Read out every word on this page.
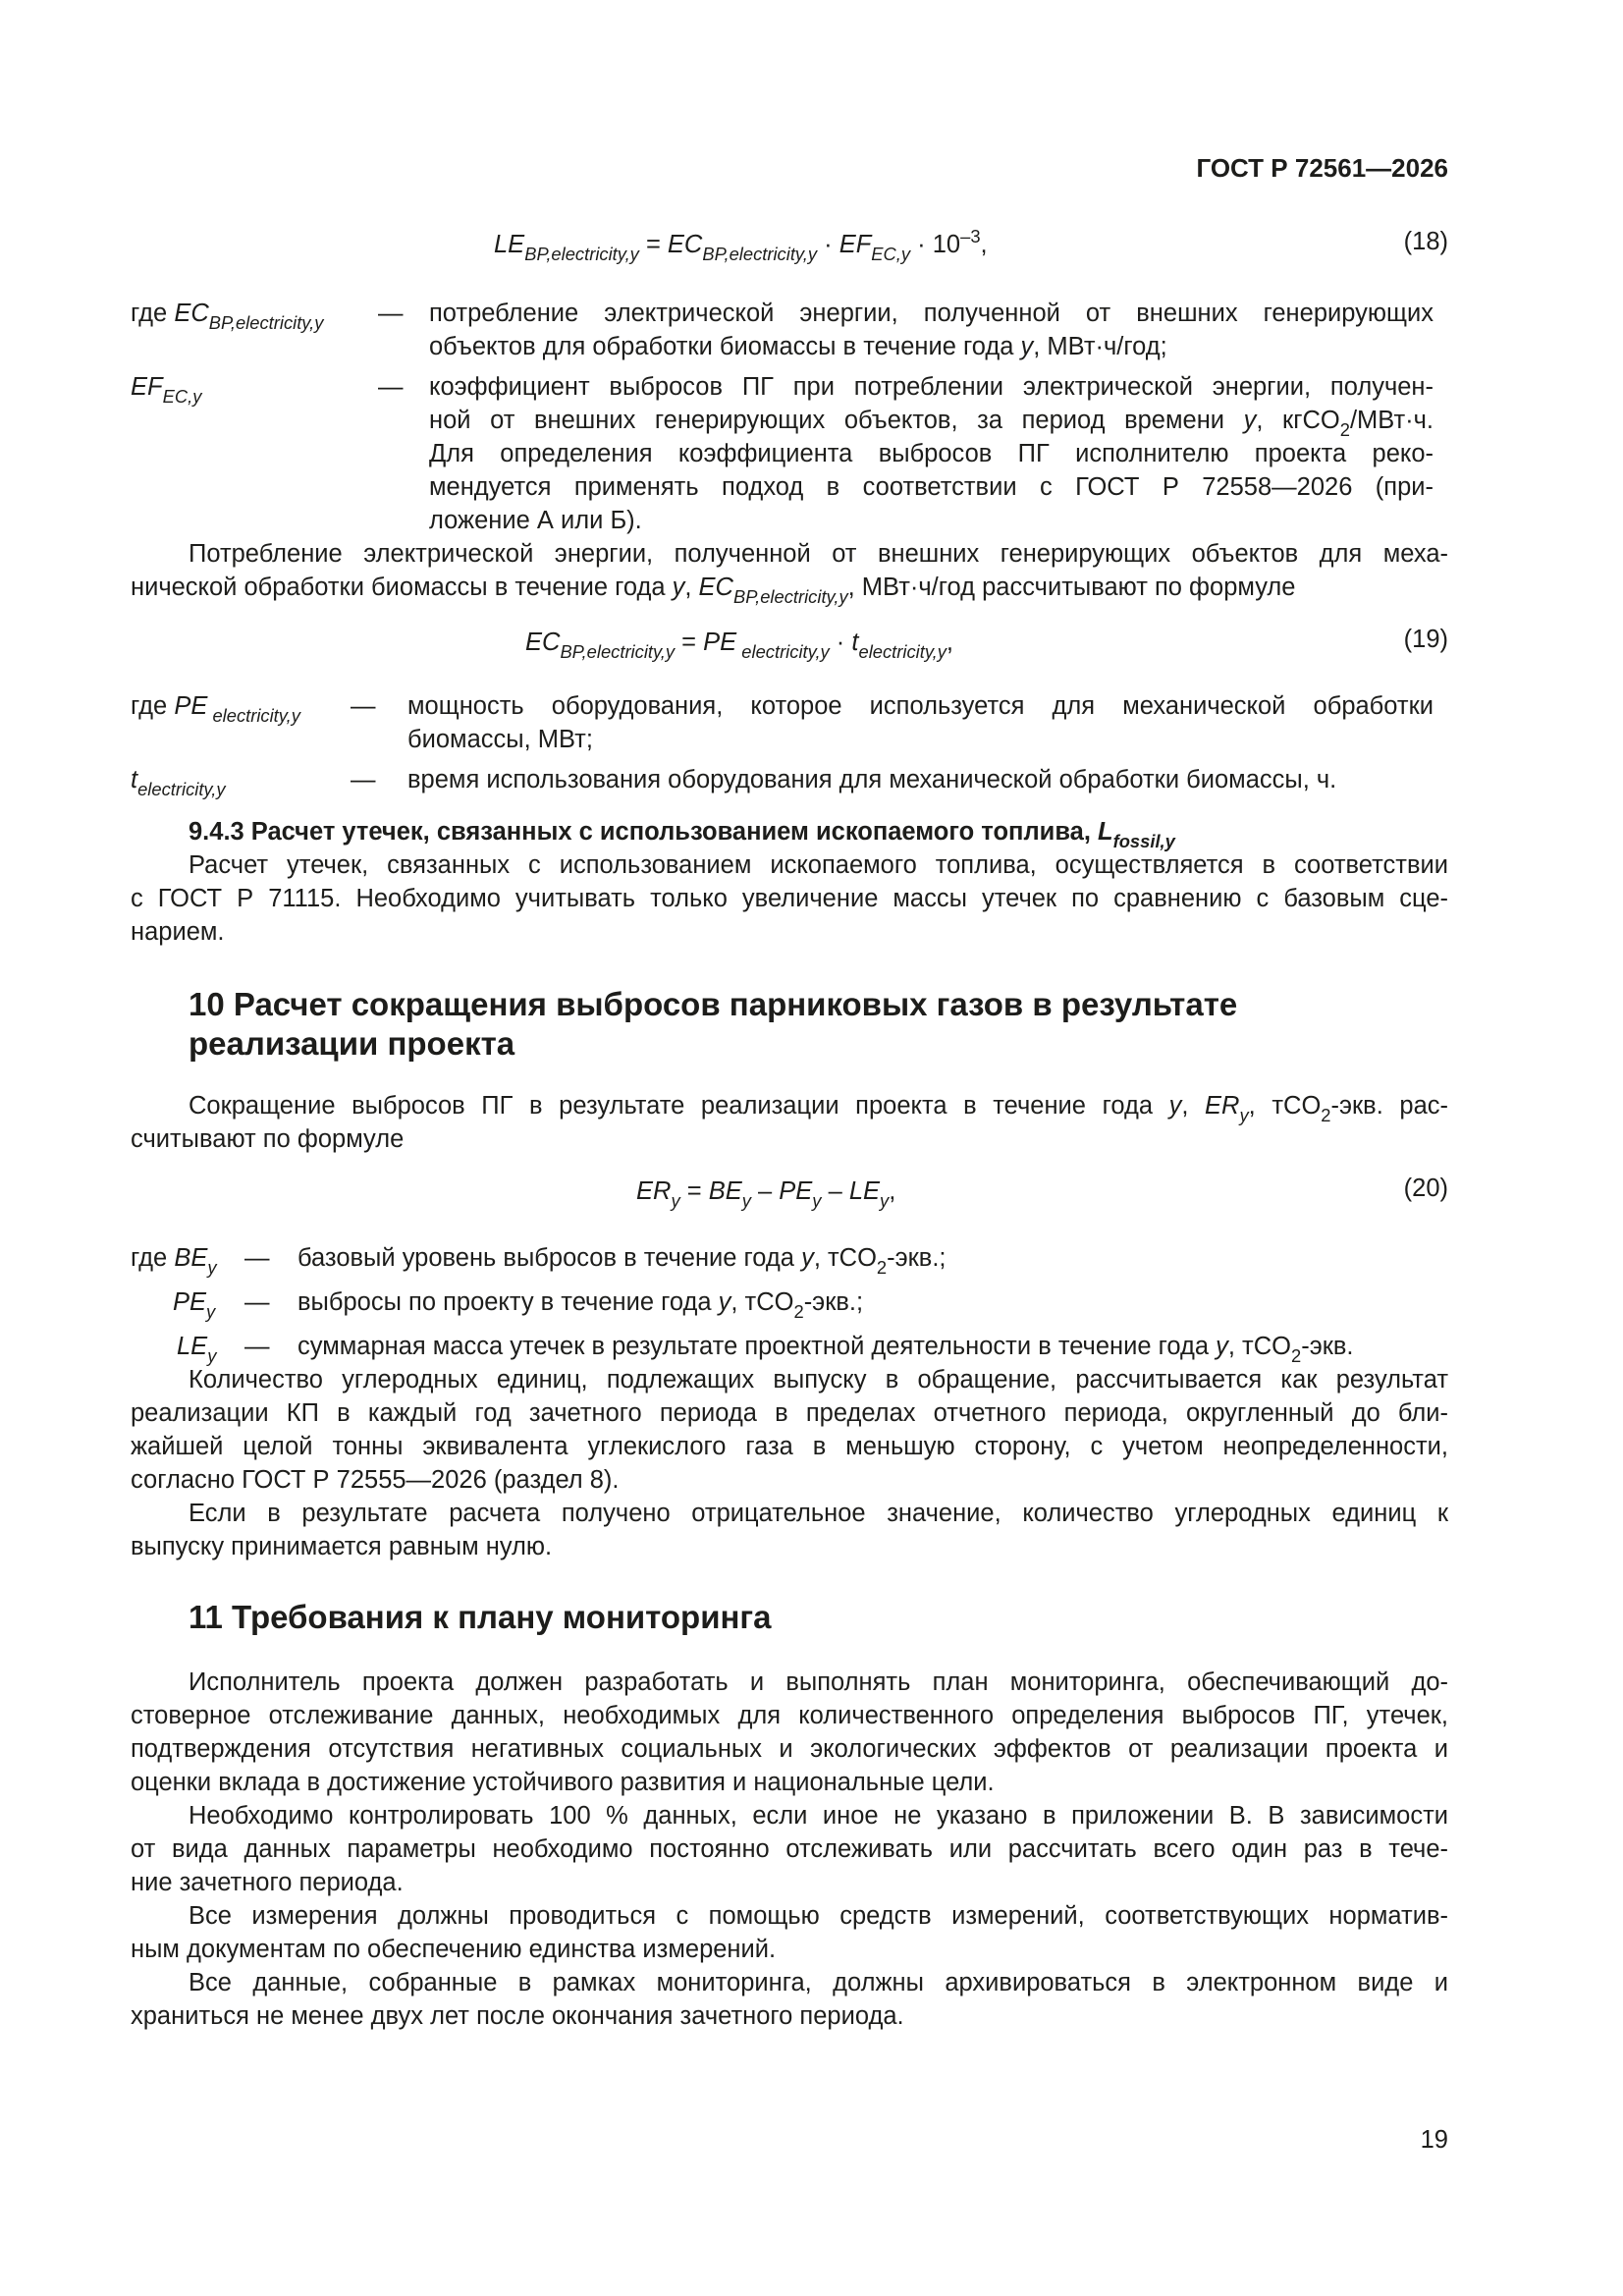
ГОСТ Р 72561—2026
$LE_{BP,electricity,y} = EC_{BP,electricity,y} \cdot EF_{EC,y} \cdot 10^{-3}$,	(18)
где $EC_{BP,electricity,y}$ — потребление электрической энергии, полученной от внешних генерирующих
объектов для обработки биомассы в течение года y, МВт·ч/год;
$EF_{EC,y}$	— коэффициент выбросов ПГ при потреблении электрической энергии, получен-
ной от внешних генерирующих объектов, за период времени y, кгCO$_2$/МВт·ч.
Для определения коэффициента выбросов ПГ исполнителю проекта реко-
мендуется применять подход в соответствии с ГОСТ Р 72558—2026 (при-
ложение А или Б).
Потребление электрической энергии, полученной от внешних генерирующих объектов для меха-
нической обработки биомассы в течение года y, $EC_{BP,electricity,y}$, МВт·ч/год рассчитывают по формуле
$EC_{BP,electricity,y}$ = PE $_{electricity,y} \cdot t_{electricity,y}$,	(19)
где PE $_{electricity,y}$ — мощность оборудования, которое используется для механической обработки
биомассы, МВт;
$t_{electricity,y}$	— время использования оборудования для механической обработки биомассы, ч.
9.4.3 Расчет утечек, связанных с использованием ископаемого топлива, $L_{fossil,y}$
Расчет утечек, связанных с использованием ископаемого топлива, осуществляется в соответствии
с ГОСТ Р 71115. Необходимо учитывать только увеличение массы утечек по сравнению с базовым сце-
нарием.
10 Расчет сокращения выбросов парниковых газов в результате
реализации проекта
Сокращение выбросов ПГ в результате реализации проекта в течение года y, $ER_y$, тCO$_2$-экв. рас-
считывают по формуле
$ER_y = BE_y - PE_y - LE_y$,	(20)
где $BE_y$ — базовый уровень выбросов в течение года y, тCO$_2$-экв.;
$PE_y$ — выбросы по проекту в течение года y, тCO$_2$-экв.;
$LE_y$ — суммарная масса утечек в результате проектной деятельности в течение года y, тCO$_2$-экв.
Количество углеродных единиц, подлежащих выпуску в обращение, рассчитывается как результат
реализации КП в каждый год зачетного периода в пределах отчетного периода, округленный до бли-
жайшей целой тонны эквивалента углекислого газа в меньшую сторону, с учетом неопределенности,
согласно ГОСТ Р 72555—2026 (раздел 8).
Если в результате расчета получено отрицательное значение, количество углеродных единиц к
выпуску принимается равным нулю.
11 Требования к плану мониторинга
Исполнитель проекта должен разработать и выполнять план мониторинга, обеспечивающий до-
стоверное отслеживание данных, необходимых для количественного определения выбросов ПГ, утечек,
подтверждения отсутствия негативных социальных и экологических эффектов от реализации проекта и
оценки вклада в достижение устойчивого развития и национальные цели.
Необходимо контролировать 100 % данных, если иное не указано в приложении В. В зависимости
от вида данных параметры необходимо постоянно отслеживать или рассчитать всего один раз в тече-
ние зачетного периода.
Все измерения должны проводиться с помощью средств измерений, соответствующих норматив-
ным документам по обеспечению единства измерений.
Все данные, собранные в рамках мониторинга, должны архивироваться в электронном виде и
храниться не менее двух лет после окончания зачетного периода.
19
